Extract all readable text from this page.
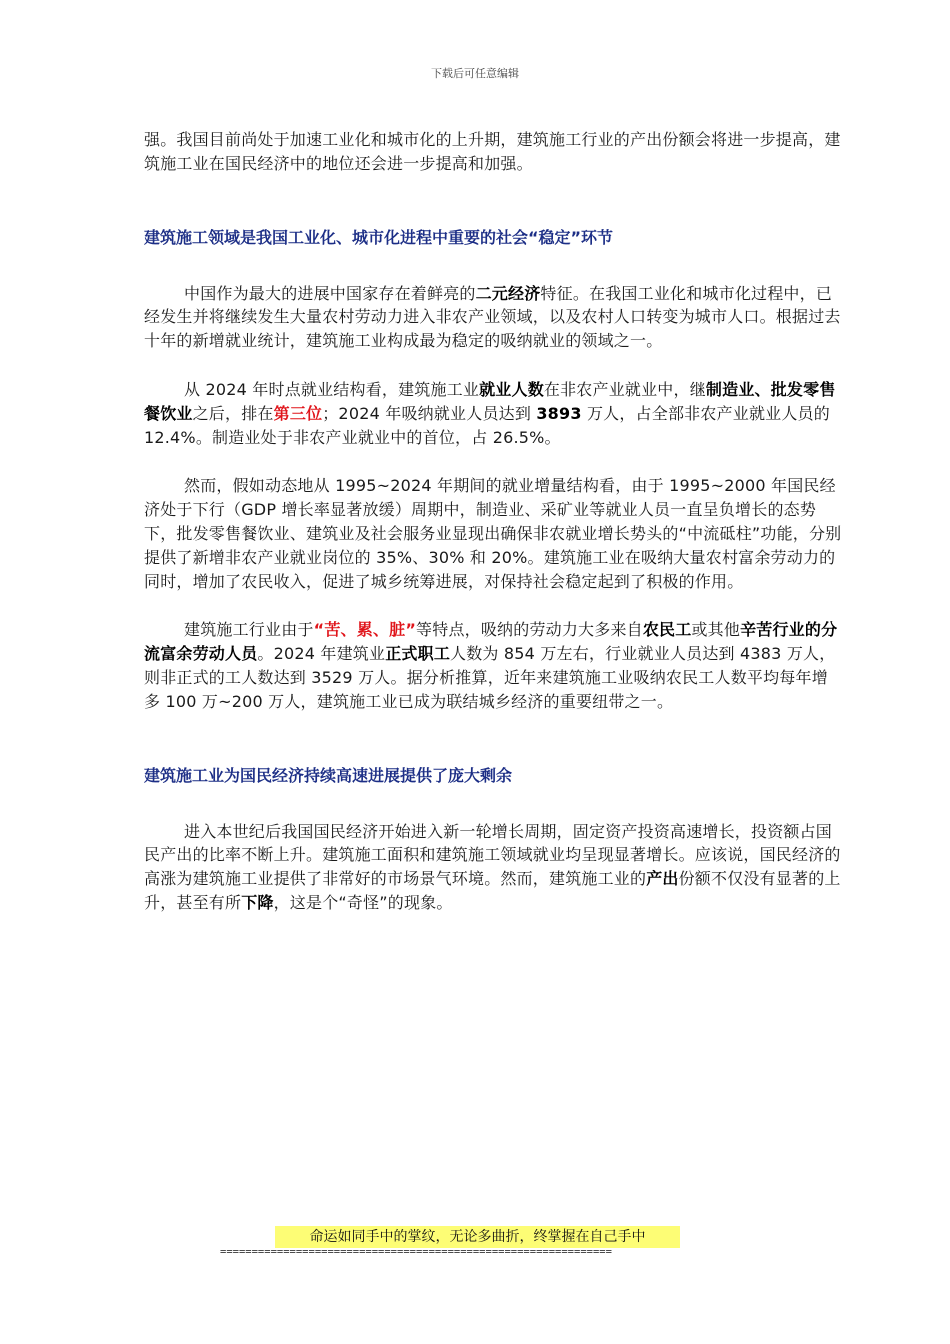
下载后可任意编辑

强。我国目前尚处于加速工业化和城市化的上升期，建筑施工行业的产出份额会将进一步提高，建筑施工业在国民经济中的地位还会进一步提高和加强。

建筑施工领域是我国工业化、城市化进程中重要的社会“稳定”环节

中国作为最大的进展中国家存在着鲜亮的二元经济特征。在我国工业化和城市化过程中，已经发生并将继续发生大量农村劳动力进入非农产业领域，以及农村人口转变为城市人口。根据过去十年的新增就业统计，建筑施工业构成最为稳定的吸纳就业的领域之一。

从 2024 年时点就业结构看，建筑施工业就业人数在非农产业就业中，继制造业、批发零售餐饮业之后，排在第三位；2024 年吸纳就业人员达到 3893 万人，占全部非农产业就业人员的 12.4%。制造业处于非农产业就业中的首位，占 26.5%。

然而，假如动态地从 1995~2024 年期间的就业增量结构看，由于 1995~2000 年国民经济处于下行（GDP 增长率显著放缓）周期中，制造业、采矿业等就业人员一直呈负增长的态势下，批发零售餐饮业、建筑业及社会服务业显现出确保非农就业增长势头的“中流砥柱”功能，分别提供了新增非农产业就业岗位的 35%、30% 和 20%。建筑施工业在吸纳大量农村富余劳动力的同时，增加了农民收入，促进了城乡统筹进展，对保持社会稳定起到了积极的作用。

建筑施工行业由于“苦、累、脏”等特点，吸纳的劳动力大多来自农民工或其他辛苦行业的分流富余劳动人员。2024 年建筑业正式职工人数为 854 万左右，行业就业人员达到 4383 万人，则非正式的工人数达到 3529 万人。据分析推算，近年来建筑施工业吸纳农民工人数平均每年增多 100 万~200 万人，建筑施工业已成为联结城乡经济的重要纽带之一。

建筑施工业为国民经济持续高速进展提供了庞大剩余

进入本世纪后我国国民经济开始进入新一轮增长周期，固定资产投资高速增长，投资额占国民产出的比率不断上升。建筑施工面积和建筑施工领域就业均呈现显著增长。应该说，国民经济的高涨为建筑施工业提供了非常好的市场景气环境。然而，建筑施工业的产出份额不仅没有显著的上升，甚至有所下降，这是个“奇怪”的现象。

命运如同手中的掌纹，无论多曲折，终掌握在自己手中
==============================================================
